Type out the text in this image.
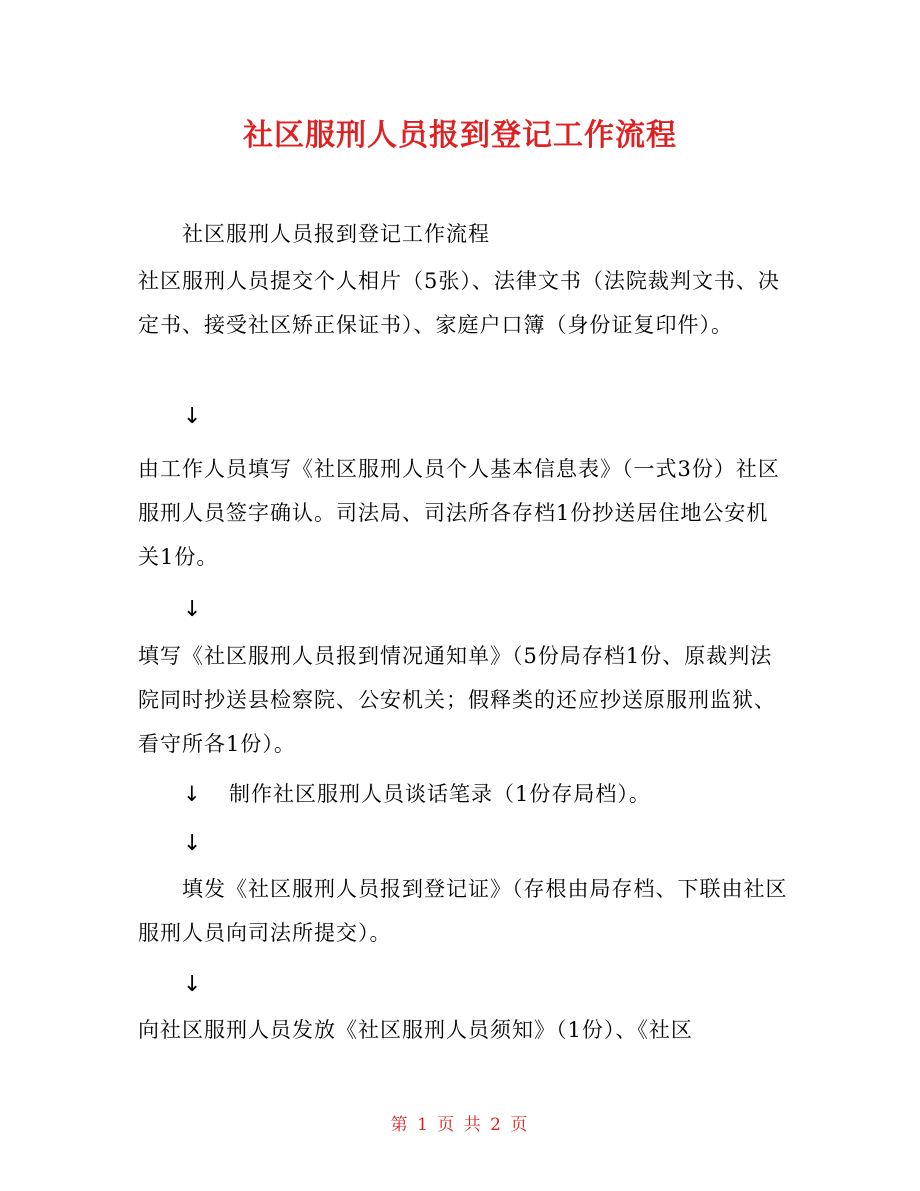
社区服刑人员报到登记工作流程
社区服刑人员报到登记工作流程
社区服刑人员提交个人相片（5张）、法律文书（法院裁判文书、决定书、接受社区矫正保证书）、家庭户口簿（身份证复印件）。
↓
由工作人员填写《社区服刑人员个人基本信息表》（一式3份）社区服刑人员签字确认。司法局、司法所各存档1份抄送居住地公安机关1份。
↓
填写《社区服刑人员报到情况通知单》（5份局存档1份、原裁判法院同时抄送县检察院、公安机关；假释类的还应抄送原服刑监狱、看守所各1份）。
↓ 制作社区服刑人员谈话笔录（1份存局档）。
↓
填发《社区服刑人员报到登记证》（存根由局存档、下联由社区服刑人员向司法所提交）。
↓
向社区服刑人员发放《社区服刑人员须知》（1份）、《社区
第 1 页 共 2 页
